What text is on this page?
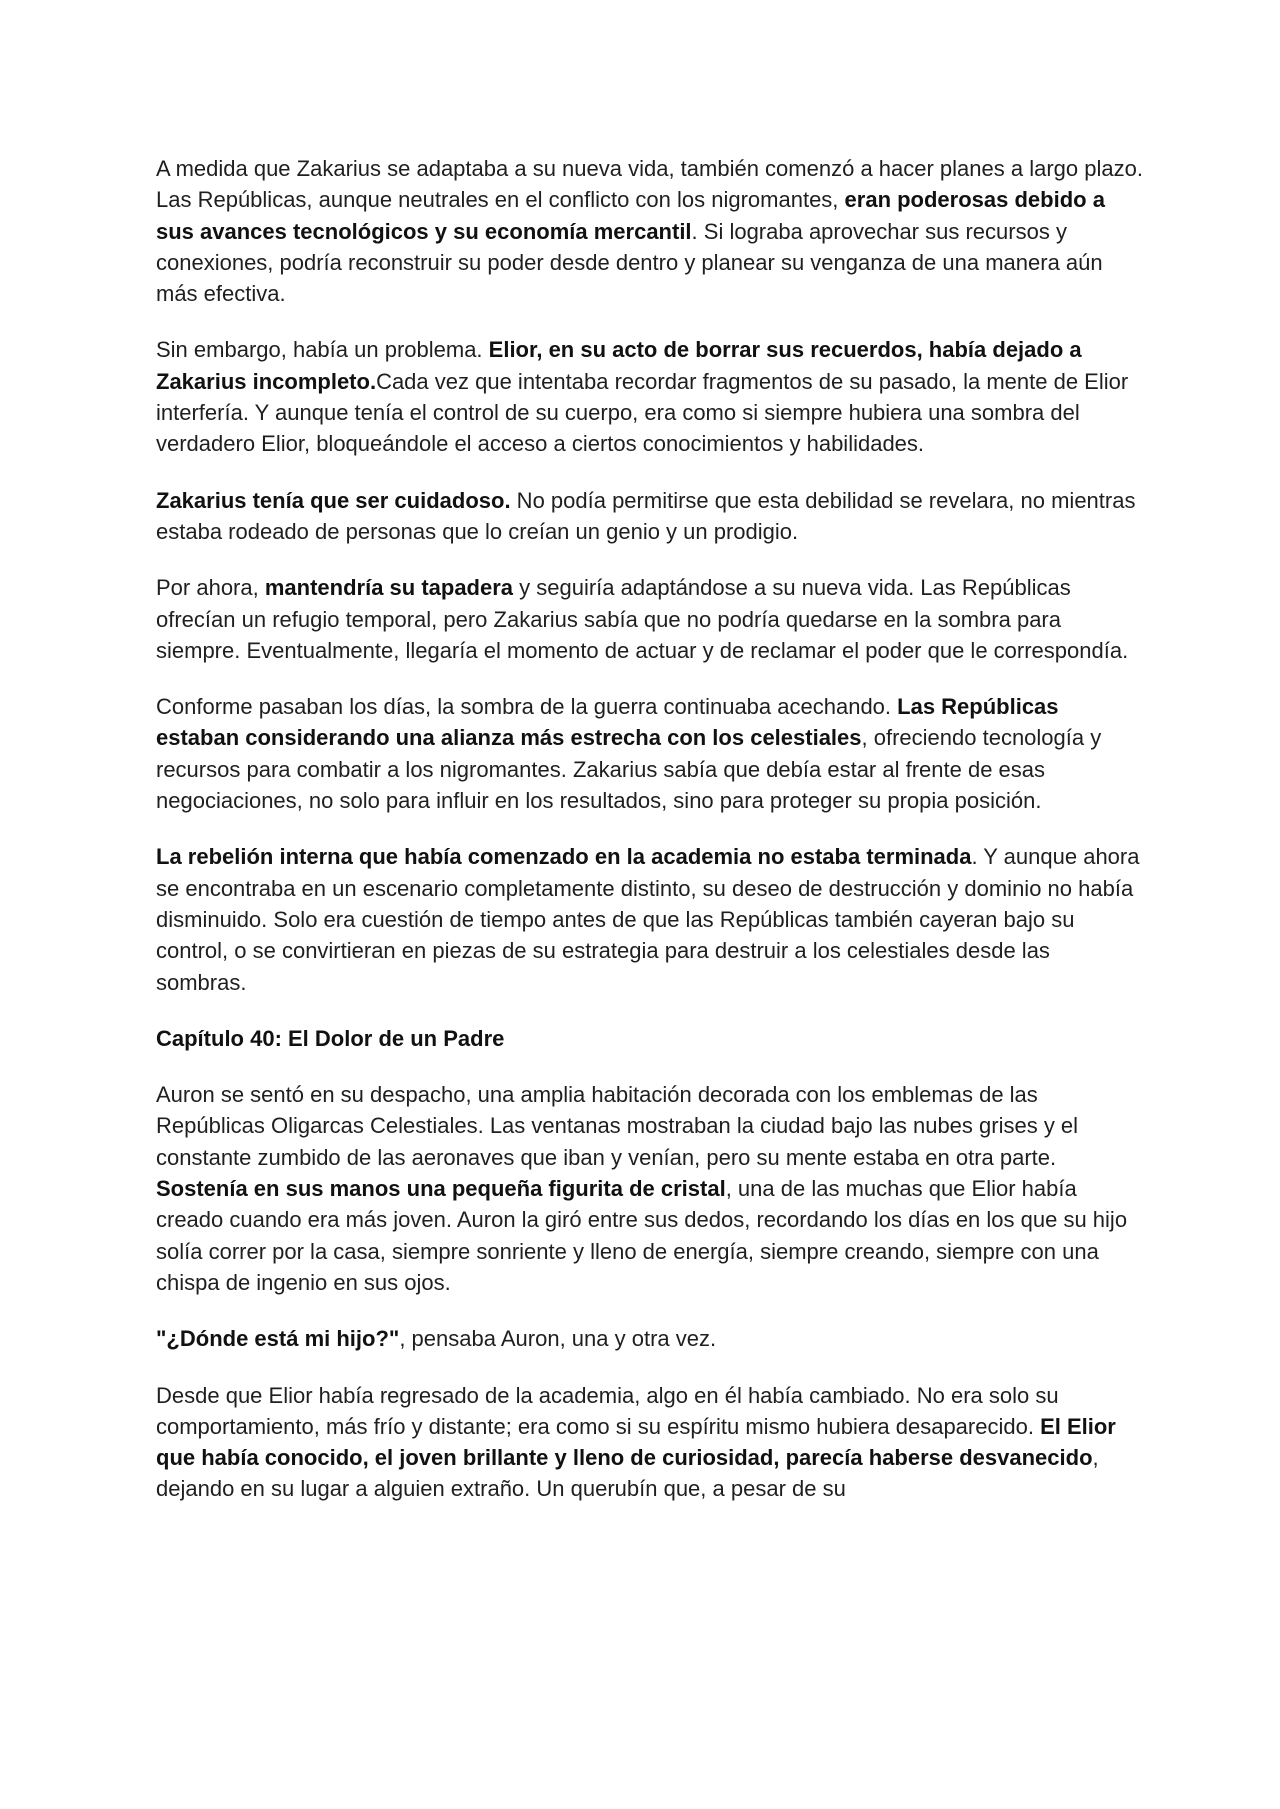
A medida que Zakarius se adaptaba a su nueva vida, también comenzó a hacer planes a largo plazo. Las Repúblicas, aunque neutrales en el conflicto con los nigromantes, eran poderosas debido a sus avances tecnológicos y su economía mercantil. Si lograba aprovechar sus recursos y conexiones, podría reconstruir su poder desde dentro y planear su venganza de una manera aún más efectiva.

Sin embargo, había un problema. Elior, en su acto de borrar sus recuerdos, había dejado a Zakarius incompleto.Cada vez que intentaba recordar fragmentos de su pasado, la mente de Elior interfería. Y aunque tenía el control de su cuerpo, era como si siempre hubiera una sombra del verdadero Elior, bloqueándole el acceso a ciertos conocimientos y habilidades.

Zakarius tenía que ser cuidadoso. No podía permitirse que esta debilidad se revelara, no mientras estaba rodeado de personas que lo creían un genio y un prodigio.

Por ahora, mantendría su tapadera y seguiría adaptándose a su nueva vida. Las Repúblicas ofrecían un refugio temporal, pero Zakarius sabía que no podría quedarse en la sombra para siempre. Eventualmente, llegaría el momento de actuar y de reclamar el poder que le correspondía.

Conforme pasaban los días, la sombra de la guerra continuaba acechando. Las Repúblicas estaban considerando una alianza más estrecha con los celestiales, ofreciendo tecnología y recursos para combatir a los nigromantes. Zakarius sabía que debía estar al frente de esas negociaciones, no solo para influir en los resultados, sino para proteger su propia posición.

La rebelión interna que había comenzado en la academia no estaba terminada. Y aunque ahora se encontraba en un escenario completamente distinto, su deseo de destrucción y dominio no había disminuido. Solo era cuestión de tiempo antes de que las Repúblicas también cayeran bajo su control, o se convirtieran en piezas de su estrategia para destruir a los celestiales desde las sombras.

Capítulo 40: El Dolor de un Padre

Auron se sentó en su despacho, una amplia habitación decorada con los emblemas de las Repúblicas Oligarcas Celestiales. Las ventanas mostraban la ciudad bajo las nubes grises y el constante zumbido de las aeronaves que iban y venían, pero su mente estaba en otra parte. Sostenía en sus manos una pequeña figurita de cristal, una de las muchas que Elior había creado cuando era más joven. Auron la giró entre sus dedos, recordando los días en los que su hijo solía correr por la casa, siempre sonriente y lleno de energía, siempre creando, siempre con una chispa de ingenio en sus ojos.

"¿Dónde está mi hijo?", pensaba Auron, una y otra vez.

Desde que Elior había regresado de la academia, algo en él había cambiado. No era solo su comportamiento, más frío y distante; era como si su espíritu mismo hubiera desaparecido. El Elior que había conocido, el joven brillante y lleno de curiosidad, parecía haberse desvanecido, dejando en su lugar a alguien extraño. Un querubín que, a pesar de su
